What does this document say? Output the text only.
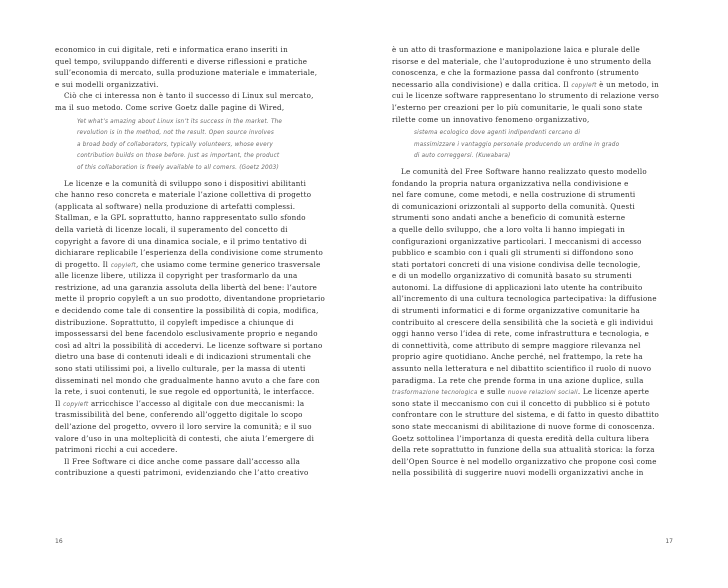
economico in cui digitale, reti e informatica erano inseriti in
quel tempo, sviluppando differenti e diverse riflessioni e pratiche
sull’economia di mercato, sulla produzione materiale e immateriale,
e sui modelli organizzativi.
Ciò che ci interessa non è tanto il successo di Linux sul mercato,
ma il suo metodo. Come scrive Goetz dalle pagine di Wired,
Yet what’s amazing about Linux isn’t its success in the market. The
revolution is in the method, not the result. Open source involves
a broad body of collaborators, typically volunteers, whose every
contribution builds on those before. Just as important, the product
of this collaboration is freely available to all comers. (Goetz 2003)
Le licenze e la comunità di sviluppo sono i dispositivi abilitanti
che hanno reso concreta e materiale l’azione collettiva di progetto
(applicata al software) nella produzione di artefatti complessi.
Stallman, e la GPL soprattutto, hanno rappresentato sullo sfondo
della varietà di licenze locali, il superamento del concetto di
copyright a favore di una dinamica sociale, e il primo tentativo di
dichiarare replicabile l’esperienza della condivisione come strumento
di progetto. Il copyleft, che usiamo come termine generico trasversale
alle licenze libere, utilizza il copyright per trasformarlo da una
restrizione, ad una garanzia assoluta della libertà del bene: l’autore
mette il proprio copyleft a un suo prodotto, diventandone proprietario
e decidendo come tale di consentire la possibilità di copia, modifica,
distribuzione. Soprattutto, il copyleft impedisce a chiunque di
impossessarsi del bene facendolo esclusivamente proprio e negando
così ad altri la possibilità di accedervi. Le licenze software si portano
dietro una base di contenuti ideali e di indicazioni strumentali che
sono stati utilissimi poi, a livello culturale, per la massa di utenti
disseminati nel mondo che gradualmente hanno avuto a che fare con
la rete, i suoi contenuti, le sue regole ed opportunità, le interfacce.
Il copyleft arricchisce l’accesso al digitale con due meccanismi: la
trasmissibilità del bene, conferendo all’oggetto digitale lo scopo
dell’azione del progetto, ovvero il loro servire la comunità; e il suo
valore d’uso in una molteplicità di contesti, che aiuta l’emergere di
patrimoni ricchi a cui accedere.
Il Free Software ci dice anche come passare dall’accesso alla
contribuzione a questi patrimoni, evidenziando che l’atto creativo
16
è un atto di trasformazione e manipolazione laica e plurale delle
risorse e del materiale, che l’autoproduzione è uno strumento della
conoscenza, e che la formazione passa dal confronto (strumento
necessario alla condivisione) e dalla critica. Il copyleft è un metodo, in
cui le licenze software rappresentano lo strumento di relazione verso
l’esterno per creazioni per lo più comunitarie, le quali sono state
rilette come un innovativo fenomeno organizzativo,
sistema ecologico dove agenti indipendenti cercano di
massimizzare i vantaggio personale producendo un ordine in grado
di auto correggersi. (Kuwabara)
Le comunità del Free Software hanno realizzato questo modello
fondando la propria natura organizzativa nella condivisione e
nel fare comune, come metodi, e nella costruzione di strumenti
di comunicazioni orizzontali al supporto della comunità. Questi
strumenti sono andati anche a beneficio di comunità esterne
a quelle dello sviluppo, che a loro volta li hanno impiegati in
configurazioni organizzative particolari. I meccanismi di accesso
pubblico e scambio con i quali gli strumenti si diffondono sono
stati portatori concreti di una visione condivisa delle tecnologie,
e di un modello organizzativo di comunità basato su strumenti
autonomi. La diffusione di applicazioni lato utente ha contribuito
all’incremento di una cultura tecnologica partecipativa: la diffusione
di strumenti informatici e di forme organizzative comunitarie ha
contribuito al crescere della sensibilità che la società e gli individui
oggi hanno verso l’idea di rete, come infrastruttura e tecnologia, e
di connettività, come attributo di sempre maggiore rilevanza nel
proprio agire quotidiano. Anche perché, nel frattempo, la rete ha
assunto nella letteratura e nel dibattito scientifico il ruolo di nuovo
paradigma. La rete che prende forma in una azione duplice, sulla
trasformazione tecnologica e sulle nuove relazioni sociali. Le licenze aperte
sono state il meccanismo con cui il concetto di pubblico si è potuto
confrontare con le strutture del sistema, e di fatto in questo dibattito
sono state meccanismi di abilitazione di nuove forme di conoscenza.
Goetz sottolinea l’importanza di questa eredità della cultura libera
della rete soprattutto in funzione della sua attualità storica: la forza
dell’Open Source è nel modello organizzativo che propone così come
nella possibilità di suggerire nuovi modelli organizzativi anche in
17
